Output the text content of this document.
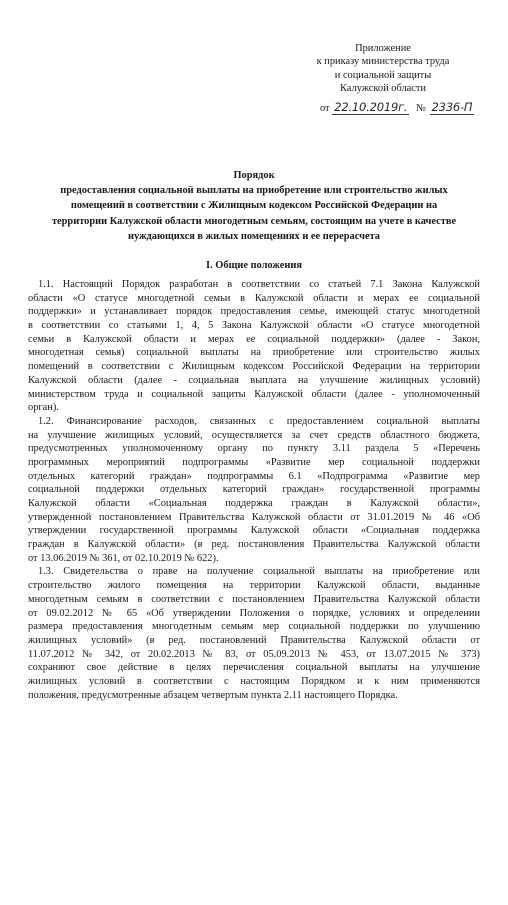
Приложение
к приказу министерства труда
и социальной защиты
Калужской области
от 22.10.2019г. № 2336-П
Порядок
предоставления социальной выплаты на приобретение или строительство жилых
помещений в соответствии с Жилищным кодексом Российской Федерации на
территории Калужской области многодетным семьям, состоящим на учете в качестве
нуждающихся в жилых помещениях и ее перерасчета
I. Общие положения
1.1. Настоящий Порядок разработан в соответствии со статьей 7.1 Закона Калужской
области «О статусе многодетной семьи в Калужской области и мерах ее социальной
поддержки» и устанавливает порядок предоставления семье, имеющей статус многодетной
в соответствии со статьями 1, 4, 5 Закона Калужской области «О статусе многодетной
семьи в Калужской области и мерах ее социальной поддержки» (далее - Закон,
многодетная семья) социальной выплаты на приобретение или строительство жилых
помещений в соответствии с Жилищным кодексом Российской Федерации на территории
Калужской области (далее - социальная выплата на улучшение жилищных условий)
министерством труда и социальной защиты Калужской области (далее - уполномоченный
орган).
1.2. Финансирование расходов, связанных с предоставлением социальной выплаты
на улучшение жилищных условий, осуществляется за счет средств областного бюджета,
предусмотренных уполномоченному органу по пункту 3.11 раздела 5 «Перечень
программных мероприятий подпрограммы «Развитие мер социальной поддержки
отдельных категорий граждан» подпрограммы 6.1 «Подпрограмма «Развитие мер
социальной поддержки отдельных категорий граждан» государственной программы
Калужской области «Социальная поддержка граждан в Калужской области»,
утвержденной постановлением Правительства Калужской области от 31.01.2019 № 46 «Об
утверждении государственной программы Калужской области «Социальная поддержка
граждан в Калужской области» (в ред. постановления Правительства Калужской области
от 13.06.2019 № 361, от 02.10.2019 № 622).
1.3. Свидетельства о праве на получение социальной выплаты на приобретение или
строительство жилого помещения на территории Калужской области, выданные
многодетным семьям в соответствии с постановлением Правительства Калужской области
от 09.02.2012 № 65 «Об утверждении Положения о порядке, условиях и определении
размера предоставления многодетным семьям мер социальной поддержки по улучшению
жилищных условий» (в ред. постановлений Правительства Калужской области от
11.07.2012 № 342, от 20.02.2013 № 83, от 05.09.2013 № 453, от 13.07.2015 № 373)
сохраняют свое действие в целях перечисления социальной выплаты на улучшение
жилищных условий в соответствии с настоящим Порядком и к ним применяются
положения, предусмотренные абзацем четвертым пункта 2.11 настоящего Порядка.
